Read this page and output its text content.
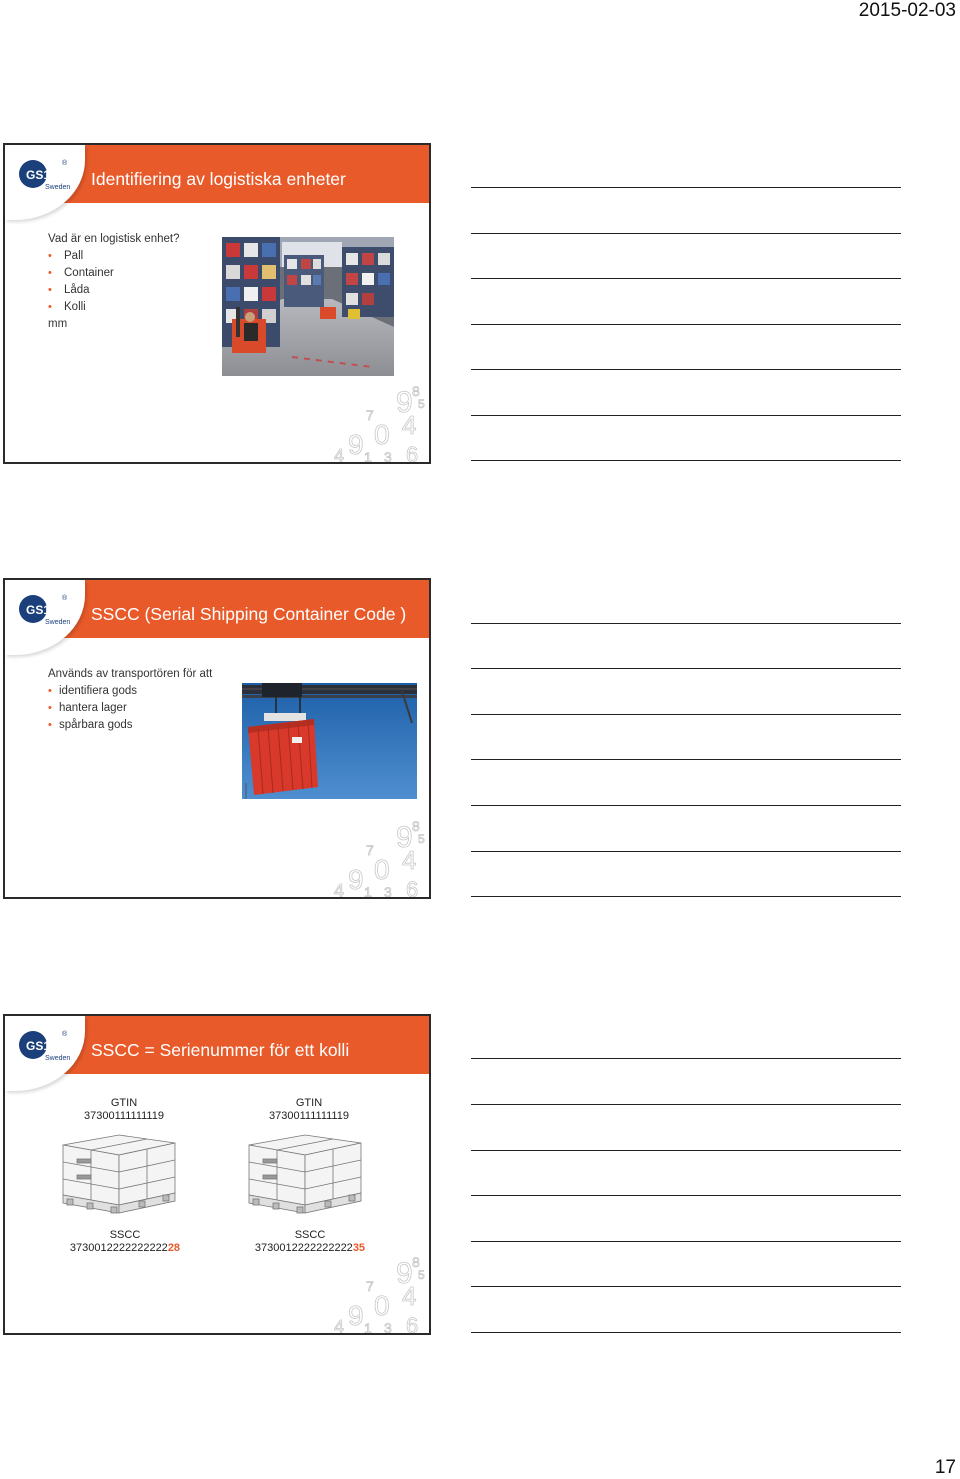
2015-02-03
GS1
®
Sweden Identifiering av logistiska enheter
Vad är en logistisk enhet?
• Pall
• Container
• Låda
• Kolli
mm
9 8
5
4
0
7
9
4 1 3 6
GS1
®
Sweden SSCC (Serial Shipping Container Code )
Används av transportören för att
• identifiera gods
• hantera lager
• spårbara gods
9 8
5
4
0
7
9
4 1 3 6
GS1
®
Sweden SSCC = Serienummer för ett kolli
GTIN
37300111111119
SSCC
373001222222222228
GTIN
37300111111119
SSCC
373001222222222235
9 8
5
4
0
7
9
4 1 3 6
17
